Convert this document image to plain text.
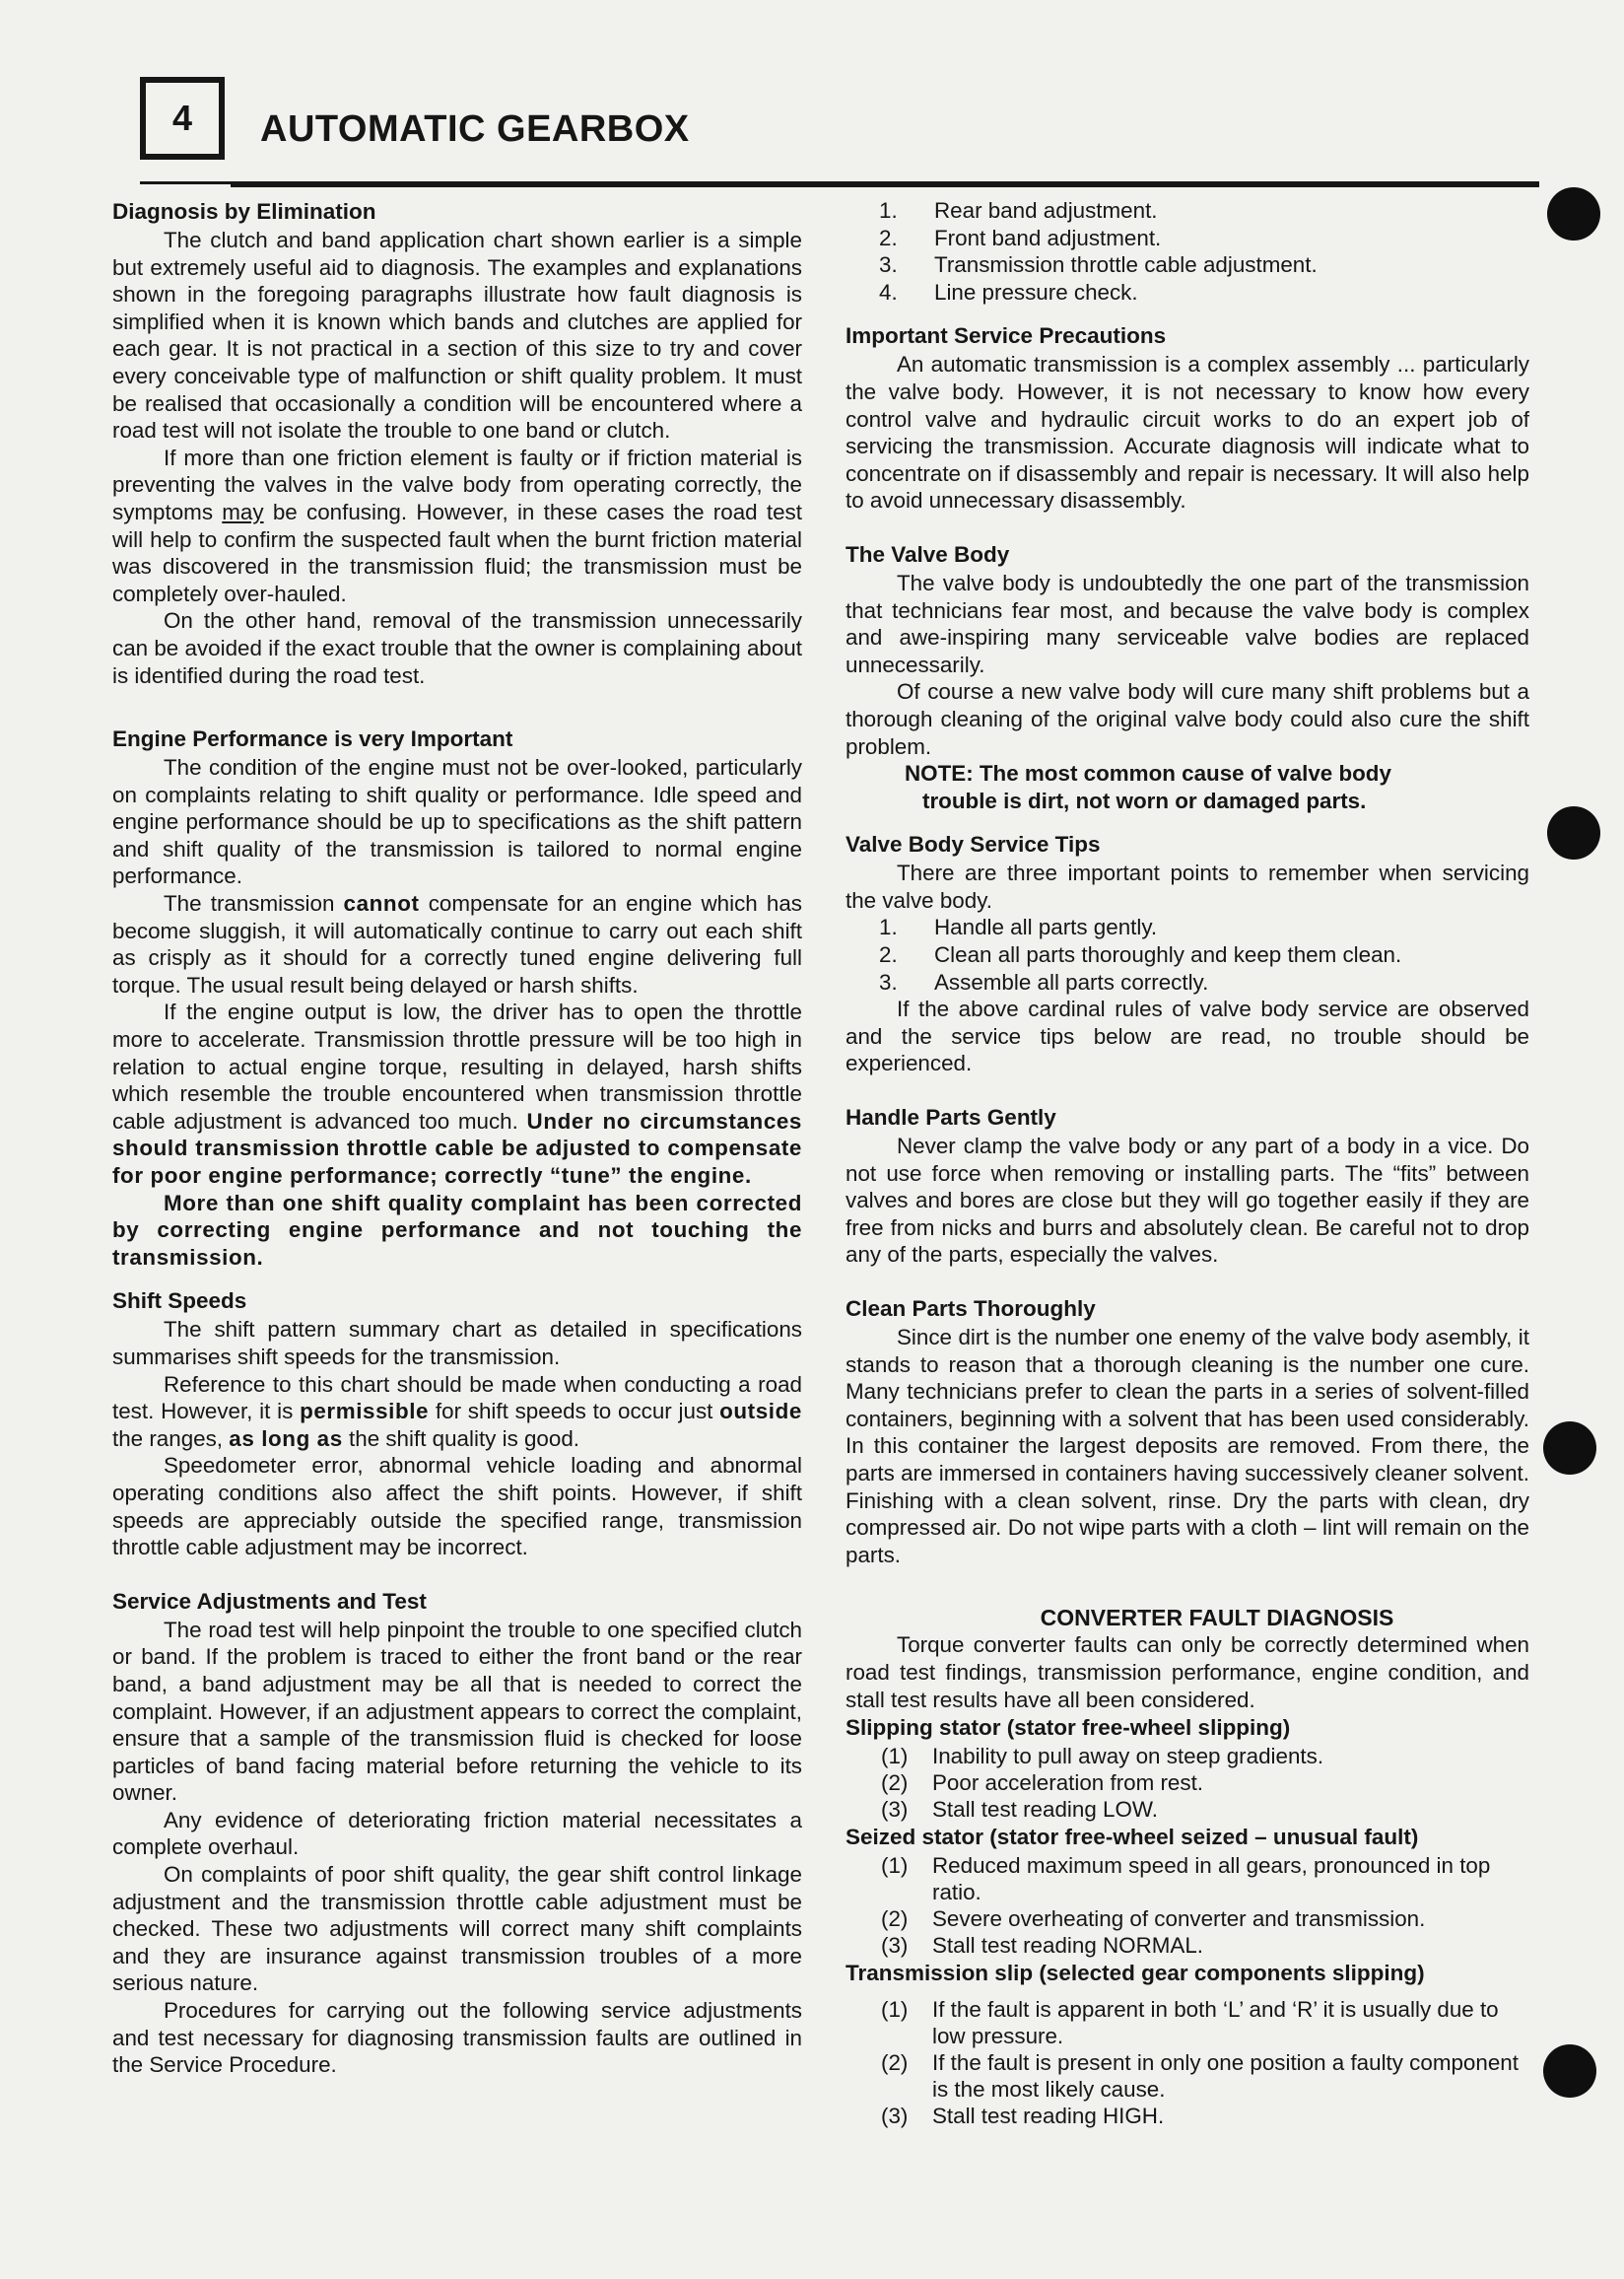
4	AUTOMATIC GEARBOX
Diagnosis by Elimination

The clutch and band application chart shown earlier is a simple but extremely useful aid to diagnosis. The examples and explanations shown in the foregoing paragraphs illustrate how fault diagnosis is simplified when it is known which bands and clutches are applied for each gear. It is not practical in a section of this size to try and cover every conceivable type of malfunction or shift quality problem. It must be realised that occasionally a condition will be encountered where a road test will not isolate the trouble to one band or clutch.

If more than one friction element is faulty or if friction material is preventing the valves in the valve body from operating correctly, the symptoms may be confusing. However, in these cases the road test will help to confirm the suspected fault when the burnt friction material was discovered in the transmission fluid; the transmission must be completely over-hauled.

On the other hand, removal of the transmission unnecessarily can be avoided if the exact trouble that the owner is complaining about is identified during the road test.

Engine Performance is very Important

The condition of the engine must not be over-looked, particularly on complaints relating to shift quality or performance. Idle speed and engine performance should be up to specifications as the shift pattern and shift quality of the transmission is tailored to normal engine performance.

The transmission cannot compensate for an engine which has become sluggish, it will automatically continue to carry out each shift as crisply as it should for a correctly tuned engine delivering full torque. The usual result being delayed or harsh shifts.

If the engine output is low, the driver has to open the throttle more to accelerate. Transmission throttle pressure will be too high in relation to actual engine torque, resulting in delayed, harsh shifts which resemble the trouble encountered when transmission throttle cable adjustment is advanced too much. Under no circumstances should transmission throttle cable be adjusted to compensate for poor engine performance; correctly “tune” the engine.

More than one shift quality complaint has been corrected by correcting engine performance and not touching the transmission.

Shift Speeds

The shift pattern summary chart as detailed in specifications summarises shift speeds for the transmission.

Reference to this chart should be made when conducting a road test. However, it is permissible for shift speeds to occur just outside the ranges, as long as the shift quality is good.

Speedometer error, abnormal vehicle loading and abnormal operating conditions also affect the shift points. However, if shift speeds are appreciably outside the specified range, transmission throttle cable adjustment may be incorrect.

Service Adjustments and Test

The road test will help pinpoint the trouble to one specified clutch or band. If the problem is traced to either the front band or the rear band, a band adjustment may be all that is needed to correct the complaint. However, if an adjustment appears to correct the complaint, ensure that a sample of the transmission fluid is checked for loose particles of band facing material before returning the vehicle to its owner.

Any evidence of deteriorating friction material necessitates a complete overhaul.

On complaints of poor shift quality, the gear shift control linkage adjustment and the transmission throttle cable adjustment must be checked. These two adjustments will correct many shift complaints and they are insurance against transmission troubles of a more serious nature.

Procedures for carrying out the following service adjustments and test necessary for diagnosing transmission faults are outlined in the Service Procedure.

1.	Rear band adjustment.
2.	Front band adjustment.
3.	Transmission throttle cable adjustment.
4.	Line pressure check.
Important Service Precautions

An automatic transmission is a complex assembly ... particularly the valve body. However, it is not necessary to know how every control valve and hydraulic circuit works to do an expert job of servicing the transmission. Accurate diagnosis will indicate what to concentrate on if disassembly and repair is necessary. It will also help to avoid unnecessary disassembly.

The Valve Body

The valve body is undoubtedly the one part of the transmission that technicians fear most, and because the valve body is complex and awe-inspiring many serviceable valve bodies are replaced unnecessarily.

Of course a new valve body will cure many shift problems but a thorough cleaning of the original valve body could also cure the shift problem.

NOTE: The most common cause of valve body
trouble is dirt, not worn or damaged parts.

Valve Body Service Tips

There are three important points to remember when servicing the valve body.

1.	Handle all parts gently.
2.	Clean all parts thoroughly and keep them clean.
3.	Assemble all parts correctly.

If the above cardinal rules of valve body service are observed and the service tips below are read, no trouble should be experienced.

Handle Parts Gently

Never clamp the valve body or any part of a body in a vice. Do not use force when removing or installing parts. The “fits” between valves and bores are close but they will go together easily if they are free from nicks and burrs and absolutely clean. Be careful not to drop any of the parts, especially the valves.

Clean Parts Thoroughly

Since dirt is the number one enemy of the valve body asembly, it stands to reason that a thorough cleaning is the number one cure. Many technicians prefer to clean the parts in a series of solvent-filled containers, beginning with a solvent that has been used considerably. In this container the largest deposits are removed. From there, the parts are immersed in containers having successively cleaner solvent. Finishing with a clean solvent, rinse. Dry the parts with clean, dry compressed air. Do not wipe parts with a cloth – lint will remain on the parts.

CONVERTER FAULT DIAGNOSIS

Torque converter faults can only be correctly determined when road test findings, transmission performance, engine condition, and stall test results have all been considered.

Slipping stator (stator free-wheel slipping)
(1)	Inability to pull away on steep gradients.
(2)	Poor acceleration from rest.
(3)	Stall test reading LOW.
Seized stator (stator free-wheel seized – unusual fault)
(1)	Reduced maximum speed in all gears, pronounced in top ratio.
(2)	Severe overheating of converter and transmission.
(3)	Stall test reading NORMAL.
Transmission slip (selected gear components slipping)
(1)	If the fault is apparent in both ‘L’ and ‘R’ it is usually due to low pressure.
(2)	If the fault is present in only one position a faulty component is the most likely cause.
(3)	Stall test reading HIGH.
